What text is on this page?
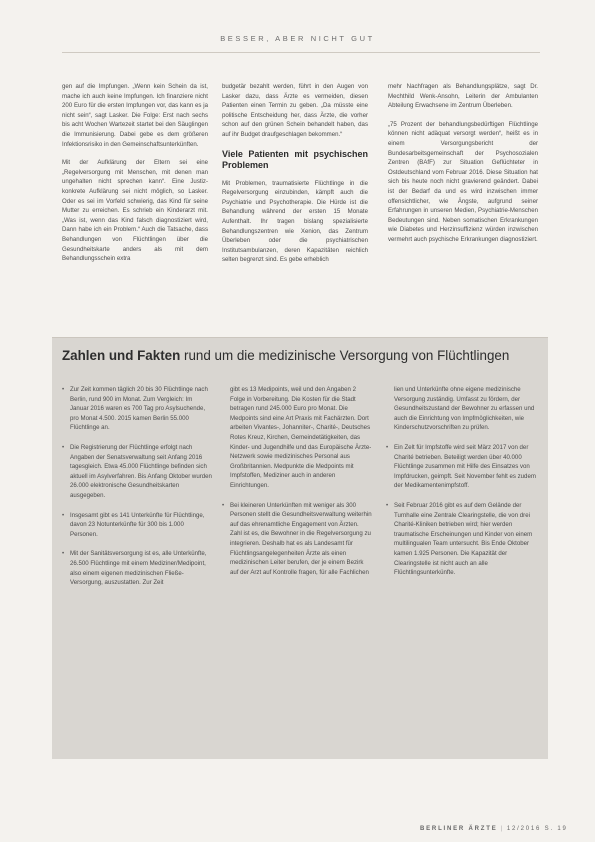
BESSER, ABER NICHT GUT

gen auf die Impfungen. „Wenn kein Schein da ist, mache ich auch keine Impfungen. Ich finanziere nicht 200 Euro für die ersten Impfungen vor, das kann es ja nicht sein“, sagt Lasker. Die Folge: Erst nach sechs bis acht Wochen Wartezeit startet bei den Säuglingen die Immunisierung. Dabei gebe es dem größeren Infektionsrisiko in den Gemeinschaftsunterkünften.

Mit der Aufklärung der Eltern sei eine „Regelversorgung mit Menschen, mit denen man ungehalten nicht sprechen kann“. Eine Justiz-konkrete Aufklärung sei nicht möglich, so Lasker. Oder es sei im Vorfeld schwierig, das Kind für seine Mutter zu erreichen. Es schrieb ein Kinderarzt mit. „Was ist, wenn das Kind falsch diagnostiziert wird, Dann habe ich ein Problem.“ Auch die Tatsache, dass Behandlungen von Flüchtlingen über die Gesundheitskarte anders als mit dem Behandlungsschein extra

budgetär bezahlt werden, führt in den Augen von Lasker dazu, dass Ärzte es vermeiden, diesen Patienten einen Termin zu geben. „Da müsste eine politische Entscheidung her, dass Ärzte, die vorher schon auf den grünen Schein behandelt haben, das auf ihr Budget draufgeschlagen bekommen.“

Viele Patienten mit psychischen Problemen

Mit Problemen, traumatisierte Flüchtlinge in die Regelversorgung einzubinden, kämpft auch die Psychiatrie und Psychotherapie. Die Hürde ist die Behandlung während der ersten 15 Monate Aufenthalt. Ihr tragen bislang spezialisierte Behandlungszentren wie Xenion, das Zentrum Überleben oder die psychiatrischen Institutsambulanzen, deren Kapazitäten reichlich selten begrenzt sind. Es gebe erheblich

mehr Nachfragen als Behandlungsplätze, sagt Dr. Mechthild Wenk-Ansohn, Leiterin der Ambulanten Abteilung Erwachsene im Zentrum Überleben.

„75 Prozent der behandlungsbedürftigen Flüchtlinge können nicht adäquat versorgt werden“, heißt es in einem Versorgungsbericht der Bundesarbeitsgemeinschaft der Psychosozialen Zentren (BAfF) zur Situation Geflüchteter in Ostdeutschland vom Februar 2016. Diese Situation hat sich bis heute noch nicht gravierend geändert. Dabei ist der Bedarf da und es wird inzwischen immer offensichtlicher, wie Ängste, aufgrund seiner Erfahrungen in unseren Medien, Psychiatrie-Menschen Bedeutungen sind. Neben somatischen Erkrankungen wie Diabetes und Herzinsuffizienz würden inzwischen vermehrt auch psychische Erkrankungen diagnostiziert.

Zahlen und Fakten rund um die medizinische Versorgung von Flüchtlingen
• Zur Zeit kommen täglich 20 bis 30 Flüchtlinge nach Berlin, rund 900 im Monat. Zum Vergleich: Im Januar 2016 waren es 700 Tag pro Asylsuchende, pro Monat 4.500. 2015 kamen Berlin 55.000 Flüchtlinge an.
• Die Registrierung der Flüchtlinge erfolgt nach Angaben der Senatsverwaltung seit Anfang 2016 tagesgleich. Etwa 45.000 Flüchtlinge befinden sich aktuell im Asylverfahren. Bis Anfang Oktober wurden 26.000 elektronische Gesundheitskarten ausgegeben.
• Insgesamt gibt es 141 Unterkünfte für Flüchtlinge, davon 23 Notunterkünfte für 300 bis 1.000 Personen.
• Mit der Sanitätsversorgung ist es, alle Unterkünfte, 26.500 Flüchtlinge mit einem Mediziner/Medipoint, also einem eigenen medizinischen Fließe-Versorgung, auszustatten. Zur Zeit
gibt es 13 Medipoints, weil und den Angaben 2 Folge in Vorbereitung. Die Kosten für die Stadt betragen rund 245.000 Euro pro Monat. Die Medpoints sind eine Art Praxis mit Fachärzten. Dort arbeiten Vivantes-, Johanniter-, Charité-, Deutsches Rotes Kreuz, Kirchen, Gemeindetätigkeiten, das Kinder- und Jugendhilfe und das Europäische Ärzte-Netzwerk sowie medizinisches Personal aus Großbritannien. Medpunkte die Medpoints mit Impfstoffen, Mediziner auch in anderen Einrichtungen.
• Bei kleineren Unterkünften mit weniger als 300 Personen stellt die Gesundheitsverwaltung weiterhin auf das ehrenamtliche Engagement von Ärzten. Zahl ist es, die Bewohner in die Regelversorgung zu integrieren. Deshalb hat es als Landesamt für Flüchtlingsangelegenheiten Ärzte als einen medizinischen Leiter berufen, der je einem Bezirk auf der Arzt auf Kontrolle fragen, für alle Fachlichen
lien und Unterkünfte ohne eigene medizinische Versorgung zuständig. Umfasst zu fördern, der Gesundheitszustand der Bewohner zu erfassen und auch die Einrichtung von Impfmöglichkeiten, wie Kinderschutzvorschriften zu prüfen.
• Ein Zelt für Impfstoffe wird seit März 2017 von der Charité betrieben. Beteiligt werden über 40.000 Flüchtlinge zusammen mit Hilfe des Einsatzes von Impfdrucken, geimpft. Seit November fehlt es zudem der Medikamentenimpfstoff.
• Seit Februar 2016 gibt es auf dem Gelände der Turnhalle eine Zentrale Clearingstelle, die von drei Charité-Kliniken betrieben wird; hier werden traumatische Erscheinungen und Kinder von einem multilingualen Team untersucht. Bis Ende Oktober kamen 1.925 Personen. Die Kapazität der Clearingstelle ist nicht auch an alle Flüchtlingsunterkünfte.
BERLINER ÄRZTE | 12/2016 S. 19
